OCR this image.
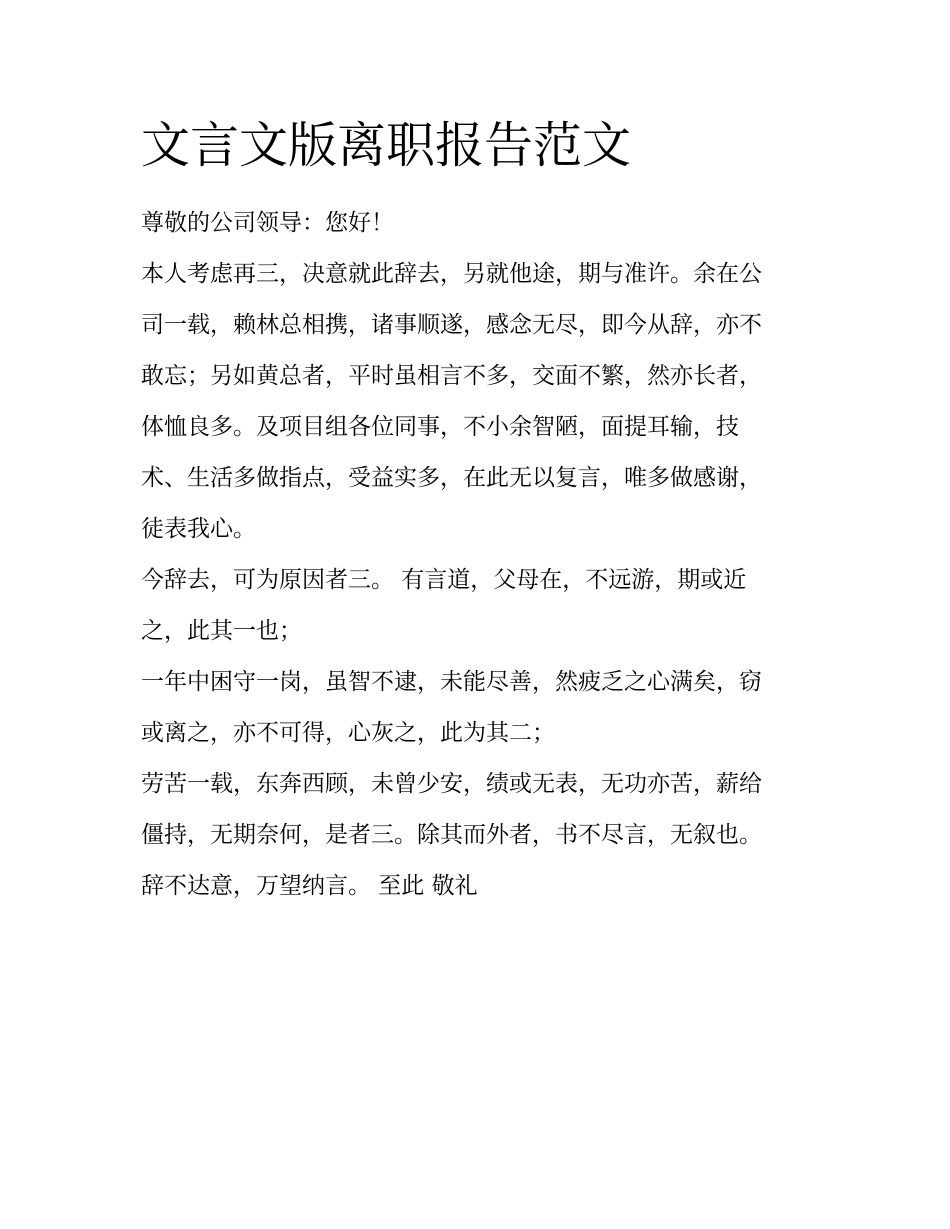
文言文版离职报告范文

尊敬的公司领导：您好！

本人考虑再三，决意就此辞去，另就他途，期与准许。余在公

司一载，赖林总相携，诸事顺遂，感念无尽，即今从辞，亦不

敢忘；另如黄总者，平时虽相言不多，交面不繁，然亦长者，

体恤良多。及项目组各位同事，不小余智陋，面提耳输，技

术、生活多做指点，受益实多，在此无以复言，唯多做感谢，

徒表我心。

今辞去，可为原因者三。 有言道，父母在，不远游，期或近

之，此其一也；

一年中困守一岗，虽智不逮，未能尽善，然疲乏之心满矣，窃

或离之，亦不可得，心灰之，此为其二；

劳苦一载，东奔西顾，未曾少安，绩或无表，无功亦苦，薪给

僵持，无期奈何，是者三。除其而外者，书不尽言，无叙也。

辞不达意，万望纳言。 至此 敬礼
